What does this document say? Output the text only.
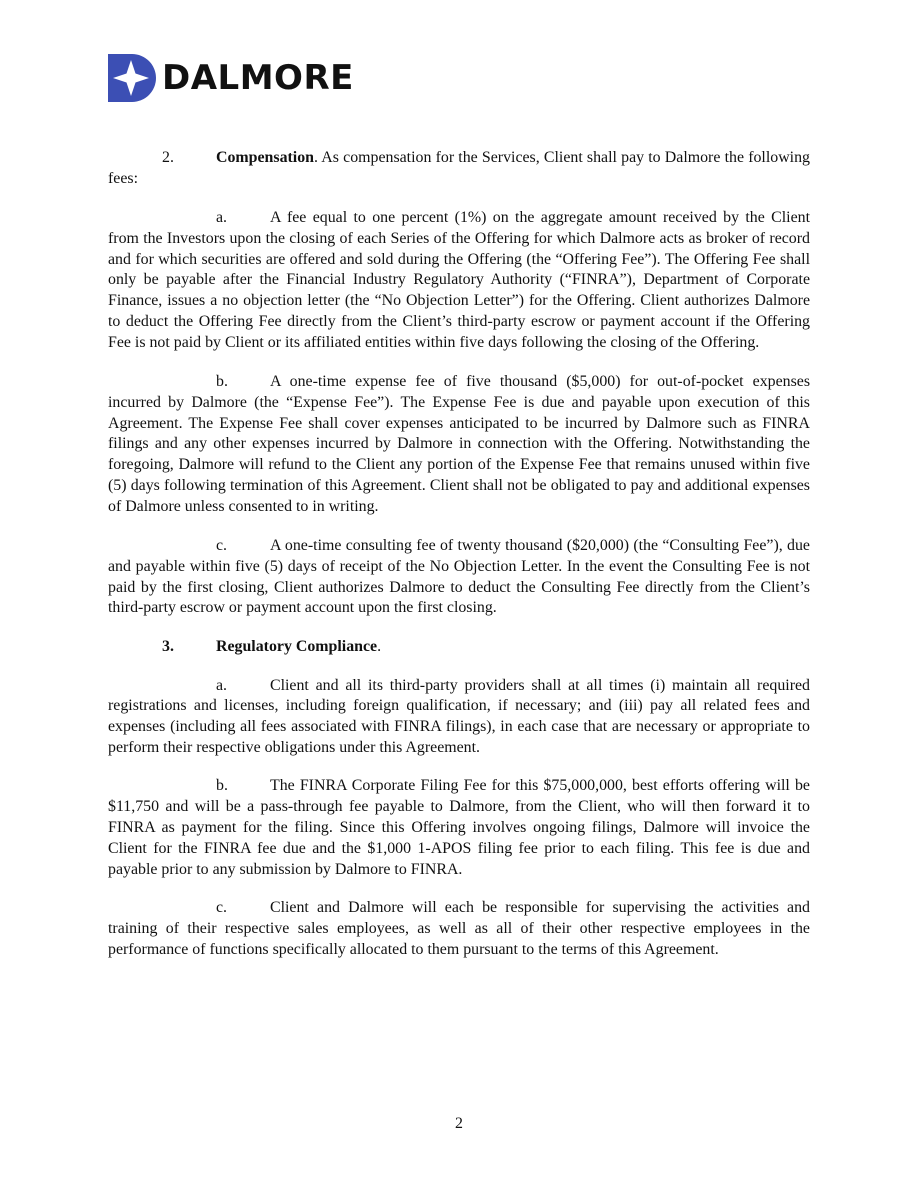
DALMORE

2.	Compensation. As compensation for the Services, Client shall pay to Dalmore the following fees:

a.	A fee equal to one percent (1%) on the aggregate amount received by the Client from the Investors upon the closing of each Series of the Offering for which Dalmore acts as broker of record and for which securities are offered and sold during the Offering (the “Offering Fee”). The Offering Fee shall only be payable after the Financial Industry Regulatory Authority (“FINRA”), Department of Corporate Finance, issues a no objection letter (the “No Objection Letter”) for the Offering. Client authorizes Dalmore to deduct the Offering Fee directly from the Client’s third-party escrow or payment account if the Offering Fee is not paid by Client or its affiliated entities within five days following the closing of the Offering.

b.	A one-time expense fee of five thousand ($5,000) for out-of-pocket expenses incurred by Dalmore (the “Expense Fee”). The Expense Fee is due and payable upon execution of this Agreement. The Expense Fee shall cover expenses anticipated to be incurred by Dalmore such as FINRA filings and any other expenses incurred by Dalmore in connection with the Offering. Notwithstanding the foregoing, Dalmore will refund to the Client any portion of the Expense Fee that remains unused within five (5) days following termination of this Agreement. Client shall not be obligated to pay and additional expenses of Dalmore unless consented to in writing.

c.	A one-time consulting fee of twenty thousand ($20,000) (the “Consulting Fee”), due and payable within five (5) days of receipt of the No Objection Letter. In the event the Consulting Fee is not paid by the first closing, Client authorizes Dalmore to deduct the Consulting Fee directly from the Client’s third-party escrow or payment account upon the first closing.

3.	Regulatory Compliance.

a.	Client and all its third-party providers shall at all times (i) maintain all required registrations and licenses, including foreign qualification, if necessary; and (iii) pay all related fees and expenses (including all fees associated with FINRA filings), in each case that are necessary or appropriate to perform their respective obligations under this Agreement.

b.	The FINRA Corporate Filing Fee for this $75,000,000, best efforts offering will be $11,750 and will be a pass-through fee payable to Dalmore, from the Client, who will then forward it to FINRA as payment for the filing. Since this Offering involves ongoing filings, Dalmore will invoice the Client for the FINRA fee due and the $1,000 1-APOS filing fee prior to each filing. This fee is due and payable prior to any submission by Dalmore to FINRA.

c.	Client and Dalmore will each be responsible for supervising the activities and training of their respective sales employees, as well as all of their other respective employees in the performance of functions specifically allocated to them pursuant to the terms of this Agreement.

2
